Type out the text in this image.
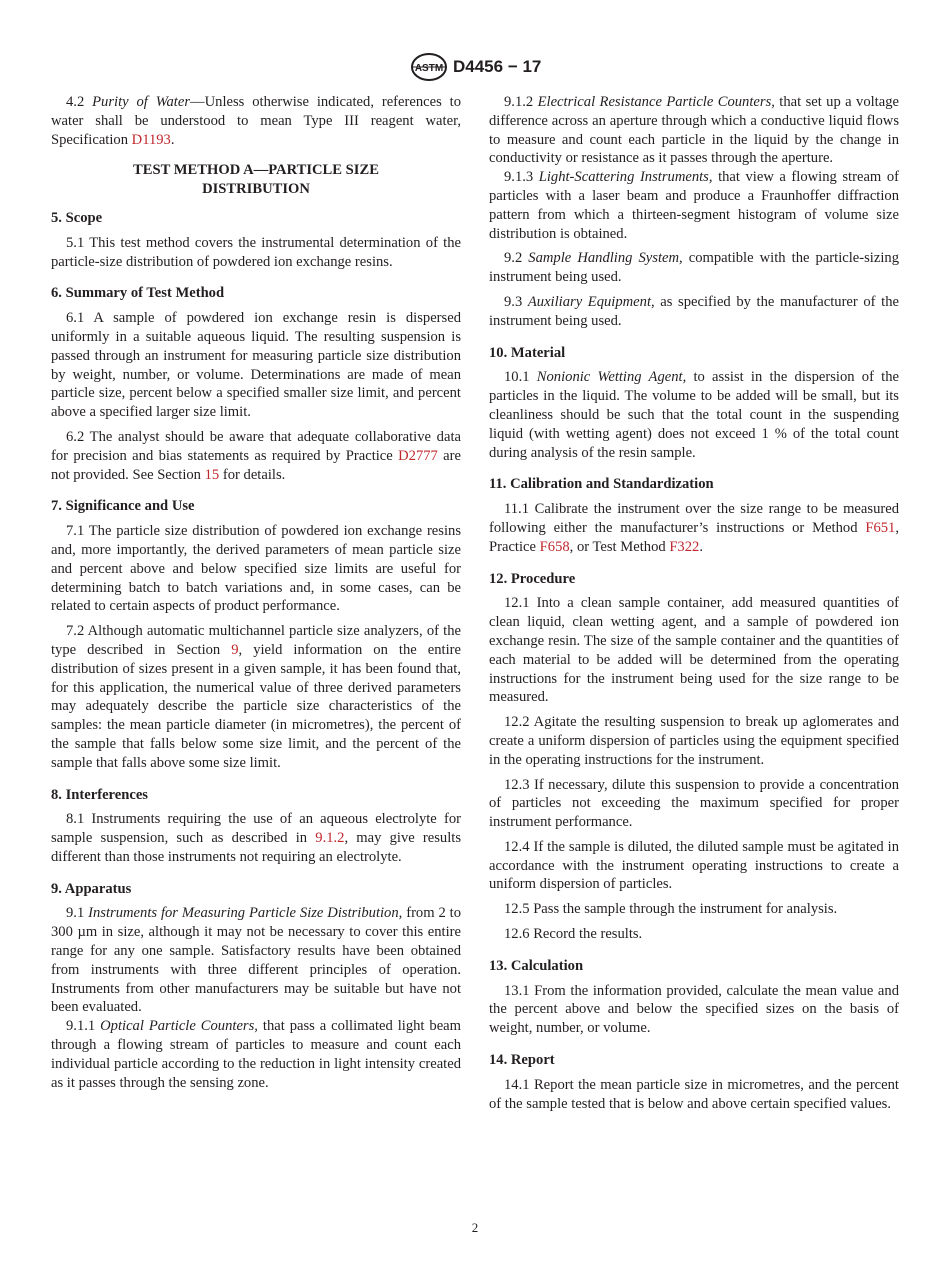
ASTM D4456 − 17

4.2 Purity of Water—Unless otherwise indicated, references to water shall be understood to mean Type III reagent water, Specification D1193.

TEST METHOD A—PARTICLE SIZE
DISTRIBUTION
5. Scope

5.1 This test method covers the instrumental determination of the particle-size distribution of powdered ion exchange resins.

6. Summary of Test Method

6.1 A sample of powdered ion exchange resin is dispersed uniformly in a suitable aqueous liquid. The resulting suspension is passed through an instrument for measuring particle size distribution by weight, number, or volume. Determinations are made of mean particle size, percent below a specified smaller size limit, and percent above a specified larger size limit.

6.2 The analyst should be aware that adequate collaborative data for precision and bias statements as required by Practice D2777 are not provided. See Section 15 for details.

7. Significance and Use

7.1 The particle size distribution of powdered ion exchange resins and, more importantly, the derived parameters of mean particle size and percent above and below specified size limits are useful for determining batch to batch variations and, in some cases, can be related to certain aspects of product performance.

7.2 Although automatic multichannel particle size analyzers, of the type described in Section 9, yield information on the entire distribution of sizes present in a given sample, it has been found that, for this application, the numerical value of three derived parameters may adequately describe the particle size characteristics of the samples: the mean particle diameter (in micrometres), the percent of the sample that falls below some size limit, and the percent of the sample that falls above some size limit.

8. Interferences

8.1 Instruments requiring the use of an aqueous electrolyte for sample suspension, such as described in 9.1.2, may give results different than those instruments not requiring an electrolyte.

9. Apparatus

9.1 Instruments for Measuring Particle Size Distribution, from 2 to 300 µm in size, although it may not be necessary to cover this entire range for any one sample. Satisfactory results have been obtained from instruments with three different principles of operation. Instruments from other manufacturers may be suitable but have not been evaluated.

9.1.1 Optical Particle Counters, that pass a collimated light beam through a flowing stream of particles to measure and count each individual particle according to the reduction in light intensity created as it passes through the sensing zone.

9.1.2 Electrical Resistance Particle Counters, that set up a voltage difference across an aperture through which a conductive liquid flows to measure and count each particle in the liquid by the change in conductivity or resistance as it passes through the aperture.

9.1.3 Light-Scattering Instruments, that view a flowing stream of particles with a laser beam and produce a Fraunhoffer diffraction pattern from which a thirteen-segment histogram of volume size distribution is obtained.

9.2 Sample Handling System, compatible with the particle-sizing instrument being used.

9.3 Auxiliary Equipment, as specified by the manufacturer of the instrument being used.

10. Material

10.1 Nonionic Wetting Agent, to assist in the dispersion of the particles in the liquid. The volume to be added will be small, but its cleanliness should be such that the total count in the suspending liquid (with wetting agent) does not exceed 1 % of the total count during analysis of the resin sample.

11. Calibration and Standardization

11.1 Calibrate the instrument over the size range to be measured following either the manufacturer’s instructions or Method F651, Practice F658, or Test Method F322.

12. Procedure

12.1 Into a clean sample container, add measured quantities of clean liquid, clean wetting agent, and a sample of powdered ion exchange resin. The size of the sample container and the quantities of each material to be added will be determined from the operating instructions for the instrument being used for the size range to be measured.

12.2 Agitate the resulting suspension to break up aglomerates and create a uniform dispersion of particles using the equipment specified in the operating instructions for the instrument.

12.3 If necessary, dilute this suspension to provide a concentration of particles not exceeding the maximum specified for proper instrument performance.

12.4 If the sample is diluted, the diluted sample must be agitated in accordance with the instrument operating instructions to create a uniform dispersion of particles.

12.5 Pass the sample through the instrument for analysis.

12.6 Record the results.

13. Calculation

13.1 From the information provided, calculate the mean value and the percent above and below the specified sizes on the basis of weight, number, or volume.

14. Report

14.1 Report the mean particle size in micrometres, and the percent of the sample tested that is below and above certain specified values.

2
